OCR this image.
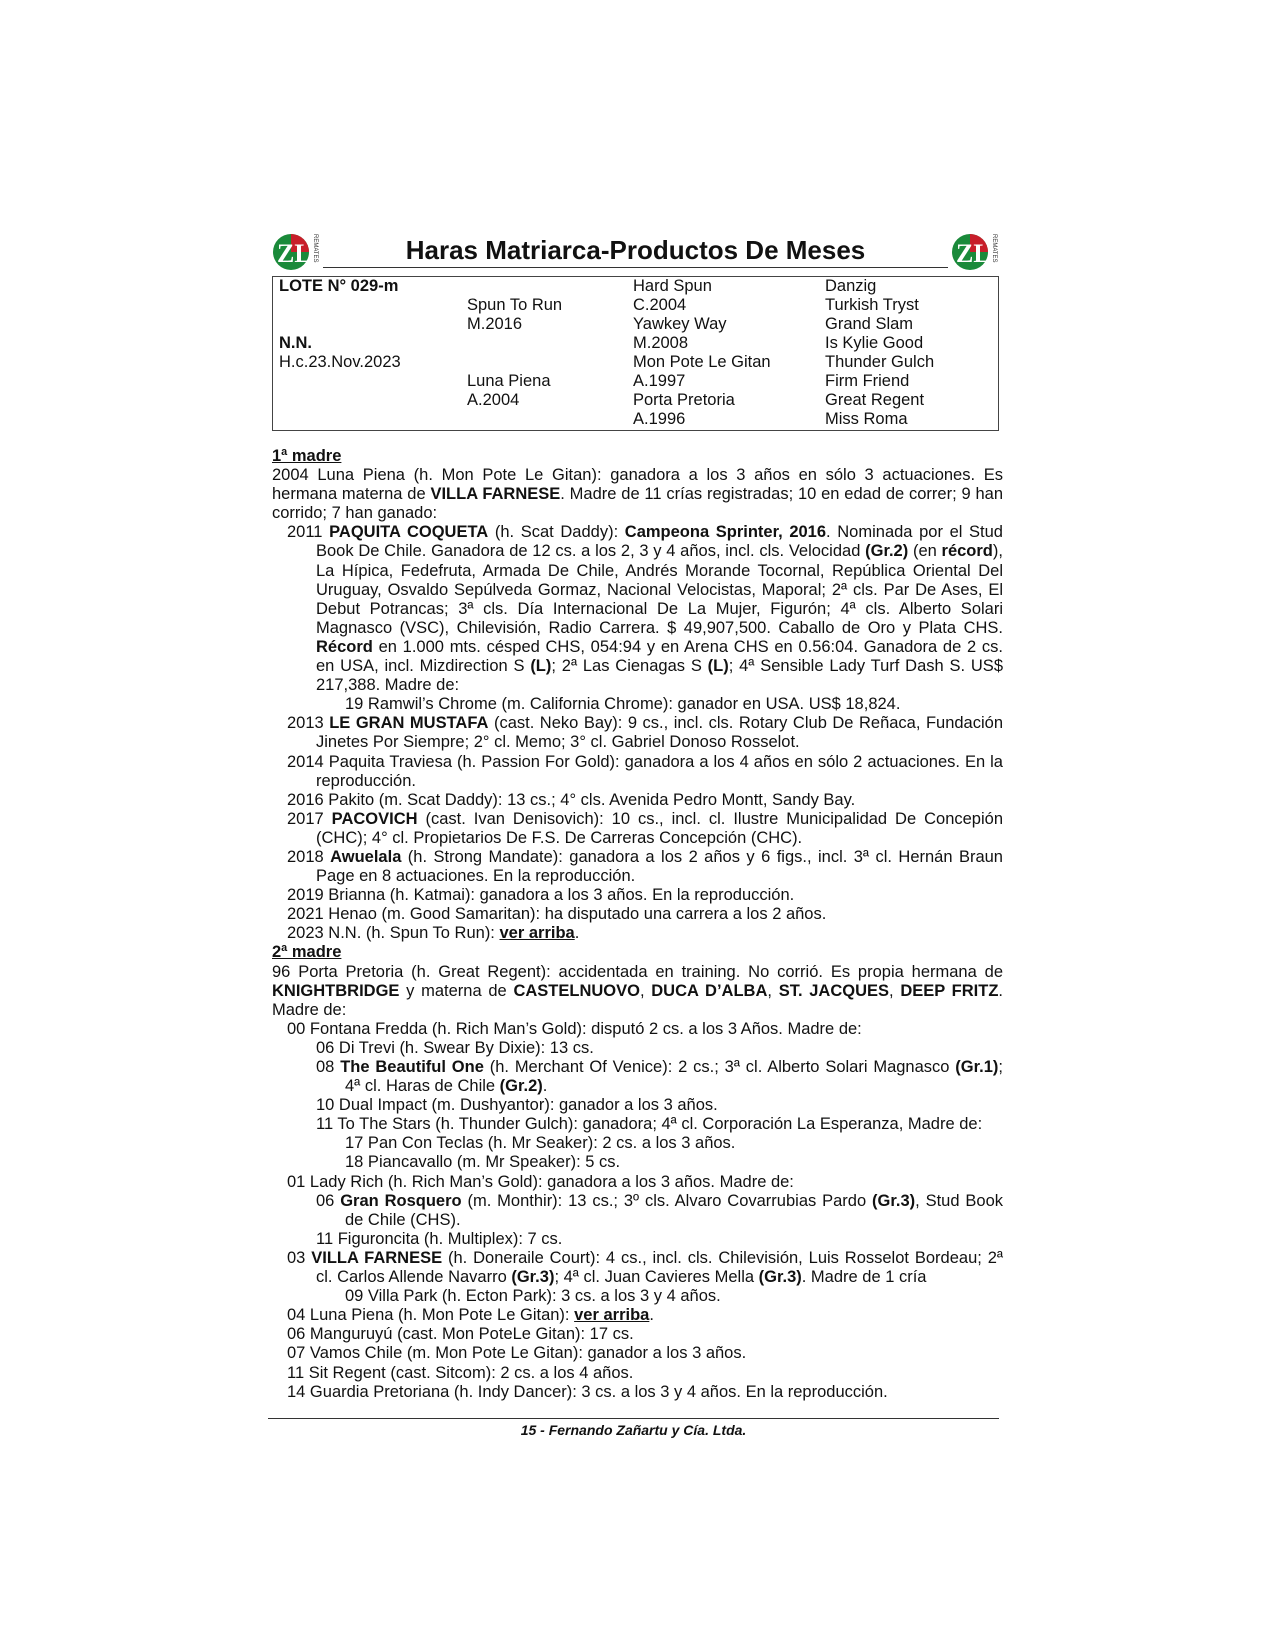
ZL REMATES	ZL REMATES
Haras Matriarca-Productos De Meses
LOTE N° 029-m
N.N.
H.c.23.Nov.2023
Spun To Run
M.2016
Luna Piena
A.2004
Hard Spun
C.2004
Yawkey Way
M.2008
Mon Pote Le Gitan
A.1997
Porta Pretoria
A.1996
Danzig
Turkish Tryst
Grand Slam
Is Kylie Good
Thunder Gulch
Firm Friend
Great Regent
Miss Roma

1ª madre

2004 Luna Piena (h. Mon Pote Le Gitan): ganadora a los 3 años en sólo 3 actuaciones. Es hermana materna de VILLA FARNESE. Madre de 11 crías registradas; 10 en edad de correr; 9 han corrido; 7 han ganado:

2011 PAQUITA COQUETA (h. Scat Daddy): Campeona Sprinter, 2016. Nominada por el Stud Book De Chile. Ganadora de 12 cs. a los 2, 3 y 4 años, incl. cls. Velocidad (Gr.2) (en récord), La Hípica, Fedefruta, Armada De Chile, Andrés Morande Tocornal, República Oriental Del Uruguay, Osvaldo Sepúlveda Gormaz, Nacional Velocistas, Maporal; 2ª cls. Par De Ases, El Debut Potrancas; 3ª cls. Día Internacional De La Mujer, Figurón; 4ª cls. Alberto Solari Magnasco (VSC), Chilevisión, Radio Carrera. $ 49,907,500. Caballo de Oro y Plata CHS. Récord en 1.000 mts. césped CHS, 054:94 y en Arena CHS en 0.56:04. Ganadora de 2 cs. en USA, incl. Mizdirection S (L); 2ª Las Cienagas S (L); 4ª Sensible Lady Turf Dash S. US$ 217,388. Madre de:

19 Ramwil’s Chrome (m. California Chrome): ganador en USA. US$ 18,824.

2013 LE GRAN MUSTAFA (cast. Neko Bay): 9 cs., incl. cls. Rotary Club De Reñaca, Fundación Jinetes Por Siempre; 2° cl. Memo; 3° cl. Gabriel Donoso Rosselot.

2014 Paquita Traviesa (h. Passion For Gold): ganadora a los 4 años en sólo 2 actuaciones. En la reproducción.

2016 Pakito (m. Scat Daddy): 13 cs.; 4° cls. Avenida Pedro Montt, Sandy Bay.

2017 PACOVICH (cast. Ivan Denisovich): 10 cs., incl. cl. Ilustre Municipalidad De Concepión (CHC); 4° cl. Propietarios De F.S. De Carreras Concepción (CHC).

2018 Awuelala (h. Strong Mandate): ganadora a los 2 años y 6 figs., incl. 3ª cl. Hernán Braun Page en 8 actuaciones. En la reproducción.

2019 Brianna (h. Katmai): ganadora a los 3 años. En la reproducción.

2021 Henao (m. Good Samaritan): ha disputado una carrera a los 2 años.

2023 N.N. (h. Spun To Run): ver arriba.

2ª madre

96 Porta Pretoria (h. Great Regent): accidentada en training. No corrió. Es propia hermana de KNIGHTBRIDGE y materna de CASTELNUOVO, DUCA D’ALBA, ST. JACQUES, DEEP FRITZ. Madre de:

00 Fontana Fredda (h. Rich Man’s Gold): disputó 2 cs. a los 3 Años. Madre de:

06 Di Trevi (h. Swear By Dixie): 13 cs.

08 The Beautiful One (h. Merchant Of Venice): 2 cs.; 3ª cl. Alberto Solari Magnasco (Gr.1); 4ª cl. Haras de Chile (Gr.2).

10 Dual Impact (m. Dushyantor): ganador a los 3 años.

11 To The Stars (h. Thunder Gulch): ganadora; 4ª cl. Corporación La Esperanza, Madre de:

17 Pan Con Teclas (h. Mr Seaker): 2 cs. a los 3 años.

18 Piancavallo (m. Mr Speaker): 5 cs.

01 Lady Rich (h. Rich Man’s Gold): ganadora a los 3 años. Madre de:

06 Gran Rosquero (m. Monthir): 13 cs.; 3º cls. Alvaro Covarrubias Pardo (Gr.3), Stud Book de Chile (CHS).

11 Figuroncita (h. Multiplex): 7 cs.

03 VILLA FARNESE (h. Doneraile Court): 4 cs., incl. cls. Chilevisión, Luis Rosselot Bordeau; 2ª cl. Carlos Allende Navarro (Gr.3); 4ª cl. Juan Cavieres Mella (Gr.3). Madre de 1 cría

09 Villa Park (h. Ecton Park): 3 cs. a los 3 y 4 años.

04 Luna Piena (h. Mon Pote Le Gitan): ver arriba.

06 Manguruyú (cast. Mon PoteLe Gitan): 17 cs.

07 Vamos Chile (m. Mon Pote Le Gitan): ganador a los 3 años.

11 Sit Regent (cast. Sitcom): 2 cs. a los 4 años.

14 Guardia Pretoriana (h. Indy Dancer): 3 cs. a los 3 y 4 años. En la reproducción.

15 - Fernando Zañartu y Cía. Ltda.
